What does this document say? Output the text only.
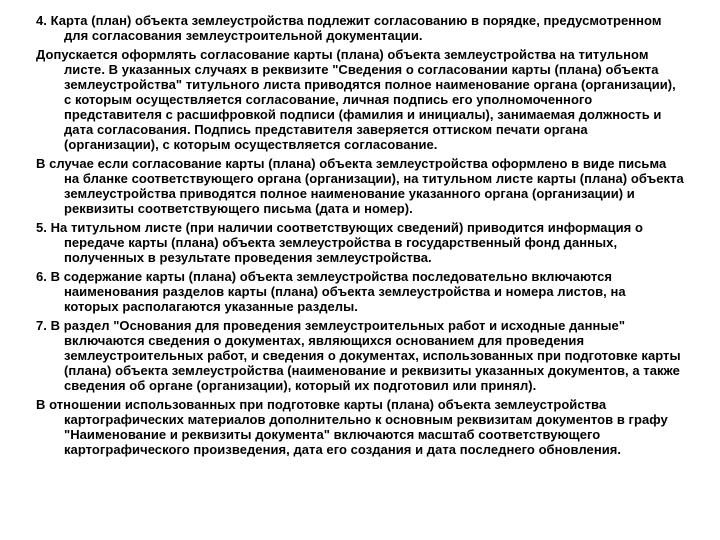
4. Карта (план) объекта землеустройства подлежит согласованию в порядке, предусмотренном для согласования землеустроительной документации.

Допускается оформлять согласование карты (плана) объекта землеустройства на титульном листе. В указанных случаях в реквизите "Сведения о согласовании карты (плана) объекта землеустройства" титульного листа приводятся полное наименование органа (организации), с которым осуществляется согласование, личная подпись его уполномоченного представителя с расшифровкой подписи (фамилия и инициалы), занимаемая должность и дата согласования. Подпись представителя заверяется оттиском печати органа (организации), с которым осуществляется согласование.

В случае если согласование карты (плана) объекта землеустройства оформлено в виде письма на бланке соответствующего органа (организации), на титульном листе карты (плана) объекта землеустройства приводятся полное наименование указанного органа (организации) и реквизиты соответствующего письма (дата и номер).

5. На титульном листе (при наличии соответствующих сведений) приводится информация о передаче карты (плана) объекта землеустройства в государственный фонд данных, полученных в результате проведения землеустройства.

6. В содержание карты (плана) объекта землеустройства последовательно включаются наименования разделов карты (плана) объекта землеустройства и номера листов, на которых располагаются указанные разделы.

7. В раздел "Основания для проведения землеустроительных работ и исходные данные" включаются сведения о документах, являющихся основанием для проведения землеустроительных работ, и сведения о документах, использованных при подготовке карты (плана) объекта землеустройства (наименование и реквизиты указанных документов, а также сведения об органе (организации), который их подготовил или принял).

В отношении использованных при подготовке карты (плана) объекта землеустройства картографических материалов дополнительно к основным реквизитам документов в графу "Наименование и реквизиты документа" включаются масштаб соответствующего картографического произведения, дата его создания и дата последнего обновления.
